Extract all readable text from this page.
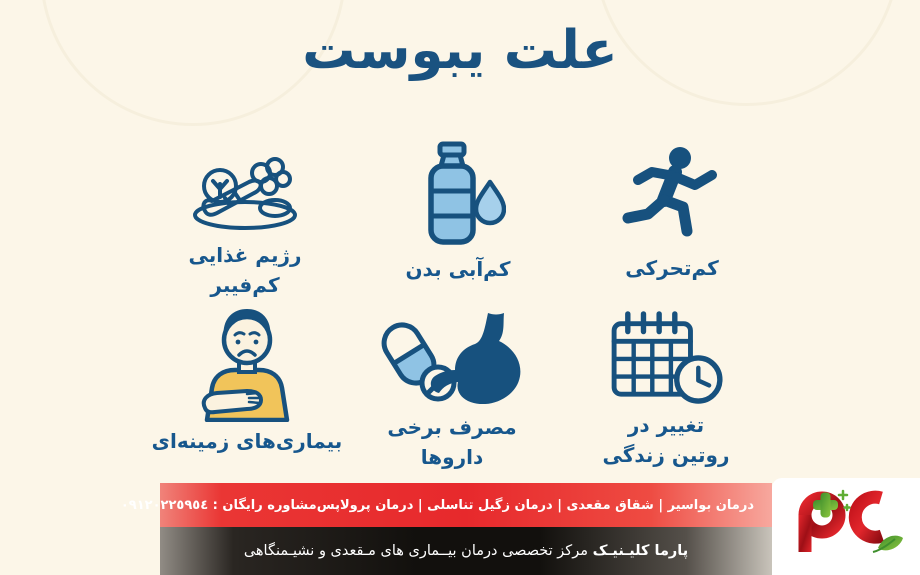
علت یبوست
رژیم غذایی
کم‌فیبر
کم‌آبی بدن	کم‌تحرکی
بیماری‌های زمینه‌ای
مصرف برخی
داروها
تغییر در
روتین زندگی
درمان بواسیر | شقاق مقعدی | درمان زگیل تناسلی | درمان پرولاپس
مشاوره رایگان : ٠٩١٢٠٢٢٥٩٥٤
پارما کلیـنیـک مرکز تخصصی درمان بیــماری های مـقعدی و نشیـمنگاهی
